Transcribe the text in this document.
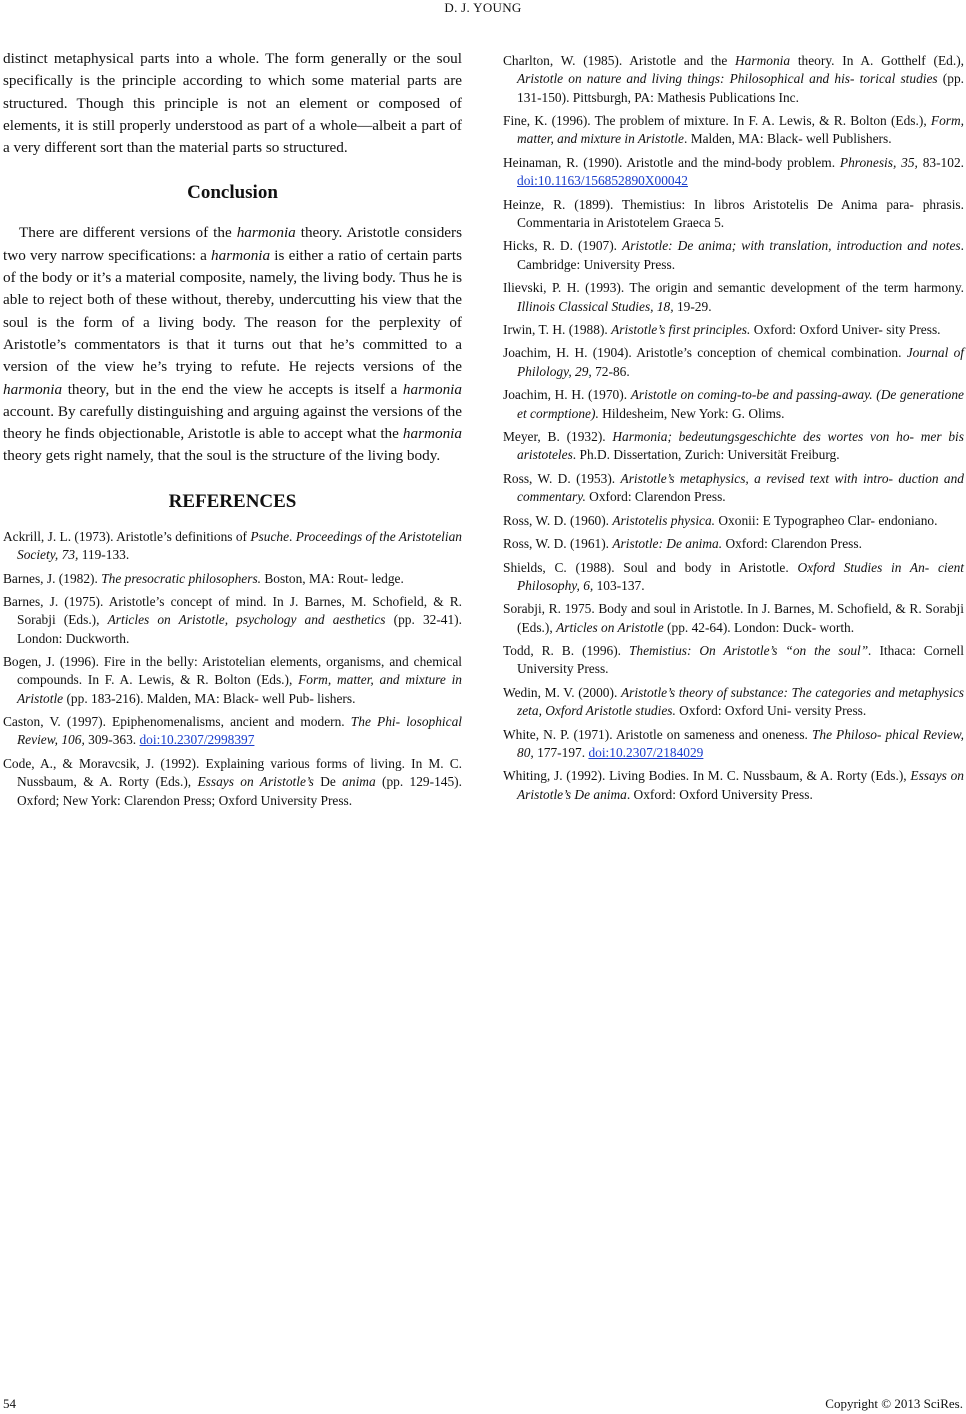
D. J. YOUNG

distinct metaphysical parts into a whole. The form generally or the soul specifically is the principle according to which some material parts are structured. Though this principle is not an element or composed of elements, it is still properly understood as part of a whole—albeit a part of a very different sort than the material parts so structured.

Conclusion

There are different versions of the harmonia theory. Aristotle considers two very narrow specifications: a harmonia is either a ratio of certain parts of the body or it’s a material composite, namely, the living body. Thus he is able to reject both of these without, thereby, undercutting his view that the soul is the form of a living body. The reason for the perplexity of Aristotle’s commentators is that it turns out that he’s committed to a version of the view he’s trying to refute. He rejects versions of the harmonia theory, but in the end the view he accepts is itself a harmonia account. By carefully distinguishing and arguing against the versions of the theory he finds objectionable, Aristotle is able to accept what the harmonia theory gets right namely, that the soul is the structure of the living body.

REFERENCES

Ackrill, J. L. (1973). Aristotle’s definitions of Psuche. Proceedings of the Aristotelian Society, 73, 119-133.

Barnes, J. (1982). The presocratic philosophers. Boston, MA: Rout- ledge.

Barnes, J. (1975). Aristotle’s concept of mind. In J. Barnes, M. Schofield, & R. Sorabji (Eds.), Articles on Aristotle, psychology and aesthetics (pp. 32-41). London: Duckworth.

Bogen, J. (1996). Fire in the belly: Aristotelian elements, organisms, and chemical compounds. In F. A. Lewis, & R. Bolton (Eds.), Form, matter, and mixture in Aristotle (pp. 183-216). Malden, MA: Black- well Pub- lishers.

Caston, V. (1997). Epiphenomenalisms, ancient and modern. The Phi- losophical Review, 106, 309-363. doi:10.2307/2998397

Code, A., & Moravcsik, J. (1992). Explaining various forms of living. In M. C. Nussbaum, & A. Rorty (Eds.), Essays on Aristotle’s De anima (pp. 129-145). Oxford; New York: Clarendon Press; Oxford University Press.

Charlton, W. (1985). Aristotle and the Harmonia theory. In A. Gotthelf (Ed.), Aristotle on nature and living things: Philosophical and his- torical studies (pp. 131-150). Pittsburgh, PA: Mathesis Publications Inc.

Fine, K. (1996). The problem of mixture. In F. A. Lewis, & R. Bolton (Eds.), Form, matter, and mixture in Aristotle. Malden, MA: Black- well Publishers.

Heinaman, R. (1990). Aristotle and the mind-body problem. Phronesis, 35, 83-102. doi:10.1163/156852890X00042

Heinze, R. (1899). Themistius: In libros Aristotelis De Anima para- phrasis. Commentaria in Aristotelem Graeca 5.

Hicks, R. D. (1907). Aristotle: De anima; with translation, introduction and notes. Cambridge: University Press.

Ilievski, P. H. (1993). The origin and semantic development of the term harmony. Illinois Classical Studies, 18, 19-29.

Irwin, T. H. (1988). Aristotle’s first principles. Oxford: Oxford Univer- sity Press.

Joachim, H. H. (1904). Aristotle’s conception of chemical combination. Journal of Philology, 29, 72-86.

Joachim, H. H. (1970). Aristotle on coming-to-be and passing-away. (De generatione et cormptione). Hildesheim, New York: G. Olims.

Meyer, B. (1932). Harmonia; bedeutungsgeschichte des wortes von ho- mer bis aristoteles. Ph.D. Dissertation, Zurich: Universität Freiburg.

Ross, W. D. (1953). Aristotle’s metaphysics, a revised text with intro- duction and commentary. Oxford: Clarendon Press.

Ross, W. D. (1960). Aristotelis physica. Oxonii: E Typographeo Clar- endoniano.

Ross, W. D. (1961). Aristotle: De anima. Oxford: Clarendon Press.

Shields, C. (1988). Soul and body in Aristotle. Oxford Studies in An- cient Philosophy, 6, 103-137.

Sorabji, R. 1975. Body and soul in Aristotle. In J. Barnes, M. Schofield, & R. Sorabji (Eds.), Articles on Aristotle (pp. 42-64). London: Duck- worth.

Todd, R. B. (1996). Themistius: On Aristotle’s “on the soul”. Ithaca: Cornell University Press.

Wedin, M. V. (2000). Aristotle’s theory of substance: The categories and metaphysics zeta, Oxford Aristotle studies. Oxford: Oxford Uni- versity Press.

White, N. P. (1971). Aristotle on sameness and oneness. The Philoso- phical Review, 80, 177-197. doi:10.2307/2184029

Whiting, J. (1992). Living Bodies. In M. C. Nussbaum, & A. Rorty (Eds.), Essays on Aristotle’s De anima. Oxford: Oxford University Press.

54	Copyright © 2013 SciRes.
